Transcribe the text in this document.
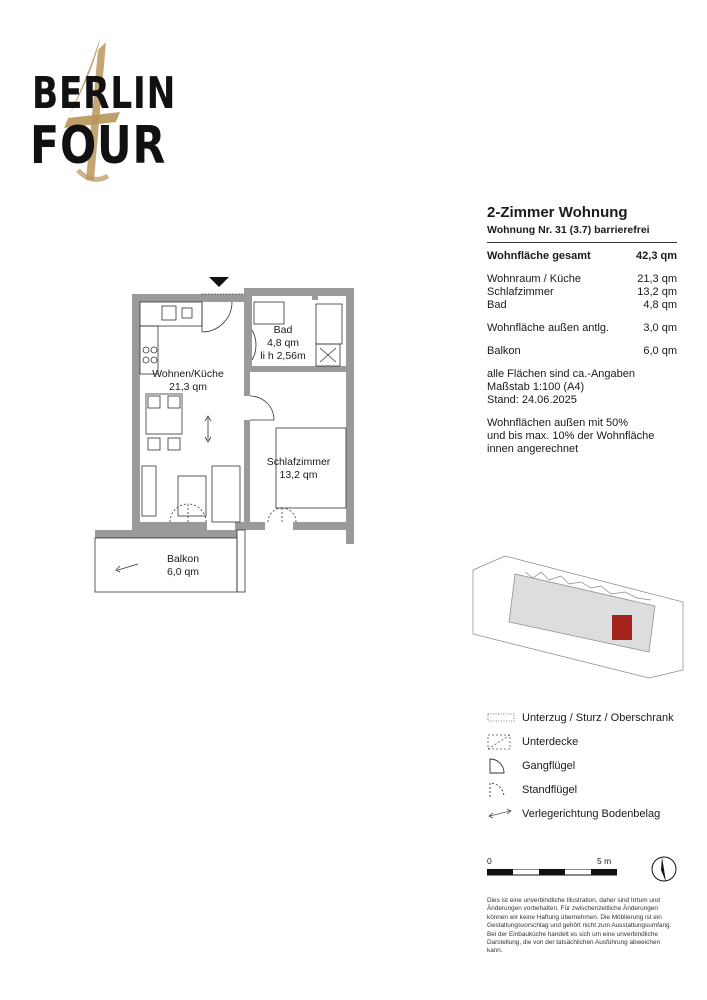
BERLIN
FOUR
Wohnen/Küche
21,3 qm
Bad
4,8 qm
li h 2,56m
Schlafzimmer
13,2 qm
Balkon
6,0 qm
2-Zimmer Wohnung
Wohnung Nr. 31 (3.7) barrierefrei
Wohnfläche gesamt	42,3 qm
Wohnraum / Küche	21,3 qm
Schlafzimmer	13,2 qm
Bad	4,8 qm
Wohnfläche außen antlg.	3,0 qm
Balkon	6,0 qm
alle Flächen sind ca.-Angaben
Maßstab 1:100 (A4)
Stand: 24.06.2025
Wohnflächen außen mit 50%
und bis max. 10% der Wohnfläche
innen angerechnet
Unterzug / Sturz / Oberschrank
Unterdecke
Gangflügel
Standflügel
Verlegerichtung Bodenbelag
0	5 m
Dies ist eine unverbindliche Illustration, daher sind Irrtum und Änderungen vorbehalten. Für zwischenzeitliche Änderungen können wir keine Haftung übernehmen. Die Möblierung ist ein Gestaltungsvorschlag und gehört nicht zum Ausstattungsumfang. Bei der Einbauküche handelt es sich um eine unverbindliche Darstellung, die von der tatsächlichen Ausführung abweichen kann.
